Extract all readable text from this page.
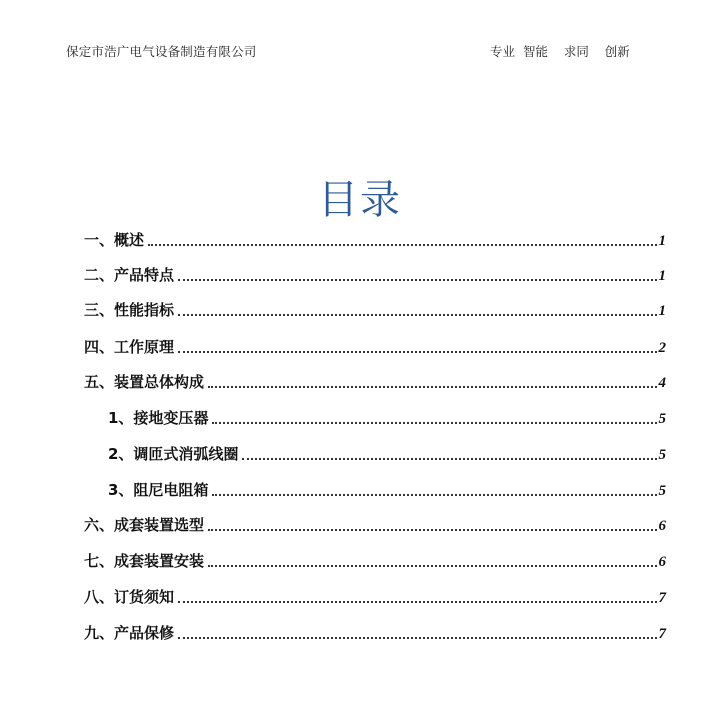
保定市浩广电气设备制造有限公司	专业  智能    求同    创新
目录
一、概述	1
二、产品特点	1
三、性能指标	1
四、工作原理	2
五、装置总体构成	4
1、接地变压器	5
2、调匝式消弧线圈	5
3、阻尼电阻箱	5
六、成套装置选型	6
七、成套装置安装	6
八、订货须知	7
九、产品保修	7
